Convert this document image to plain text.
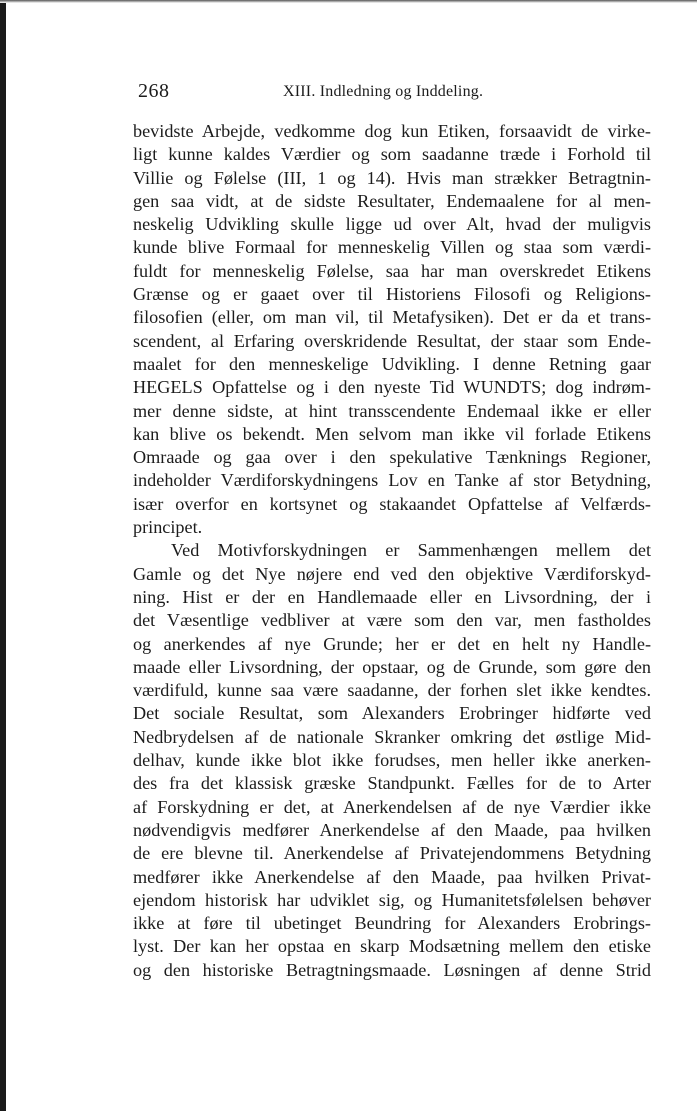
268	XIII. Indledning og Inddeling.
bevidste Arbejde, vedkomme dog kun Etiken, forsaavidt de virke-
ligt kunne kaldes Værdier og som saadanne træde i Forhold til
Villie og Følelse (III, 1 og 14). Hvis man strækker Betragtnin-
gen saa vidt, at de sidste Resultater, Endemaalene for al men-
neskelig Udvikling skulle ligge ud over Alt, hvad der muligvis
kunde blive Formaal for menneskelig Villen og staa som værdi-
fuldt for menneskelig Følelse, saa har man overskredet Etikens
Grænse og er gaaet over til Historiens Filosofi og Religions-
filosofien (eller, om man vil, til Metafysiken). Det er da et trans-
scendent, al Erfaring overskridende Resultat, der staar som Ende-
maalet for den menneskelige Udvikling. I denne Retning gaar
HEGELS Opfattelse og i den nyeste Tid WUNDTS; dog indrøm-
mer denne sidste, at hint transscendente Endemaal ikke er eller
kan blive os bekendt. Men selvom man ikke vil forlade Etikens
Omraade og gaa over i den spekulative Tænknings Regioner,
indeholder Værdiforskydningens Lov en Tanke af stor Betydning,
især overfor en kortsynet og stakaandet Opfattelse af Velfærds-
principet.
Ved Motivforskydningen er Sammenhængen mellem det
Gamle og det Nye nøjere end ved den objektive Værdiforskyd-
ning. Hist er der en Handlemaade eller en Livsordning, der i
det Væsentlige vedbliver at være som den var, men fastholdes
og anerkendes af nye Grunde; her er det en helt ny Handle-
maade eller Livsordning, der opstaar, og de Grunde, som gøre den
værdifuld, kunne saa være saadanne, der forhen slet ikke kendtes.
Det sociale Resultat, som Alexanders Erobringer hidførte ved
Nedbrydelsen af de nationale Skranker omkring det østlige Mid-
delhav, kunde ikke blot ikke forudses, men heller ikke anerken-
des fra det klassisk græske Standpunkt. Fælles for de to Arter
af Forskydning er det, at Anerkendelsen af de nye Værdier ikke
nødvendigvis medfører Anerkendelse af den Maade, paa hvilken
de ere blevne til. Anerkendelse af Privatejendommens Betydning
medfører ikke Anerkendelse af den Maade, paa hvilken Privat-
ejendom historisk har udviklet sig, og Humanitetsfølelsen behøver
ikke at føre til ubetinget Beundring for Alexanders Erobrings-
lyst. Der kan her opstaa en skarp Modsætning mellem den etiske
og den historiske Betragtningsmaade. Løsningen af denne Strid
